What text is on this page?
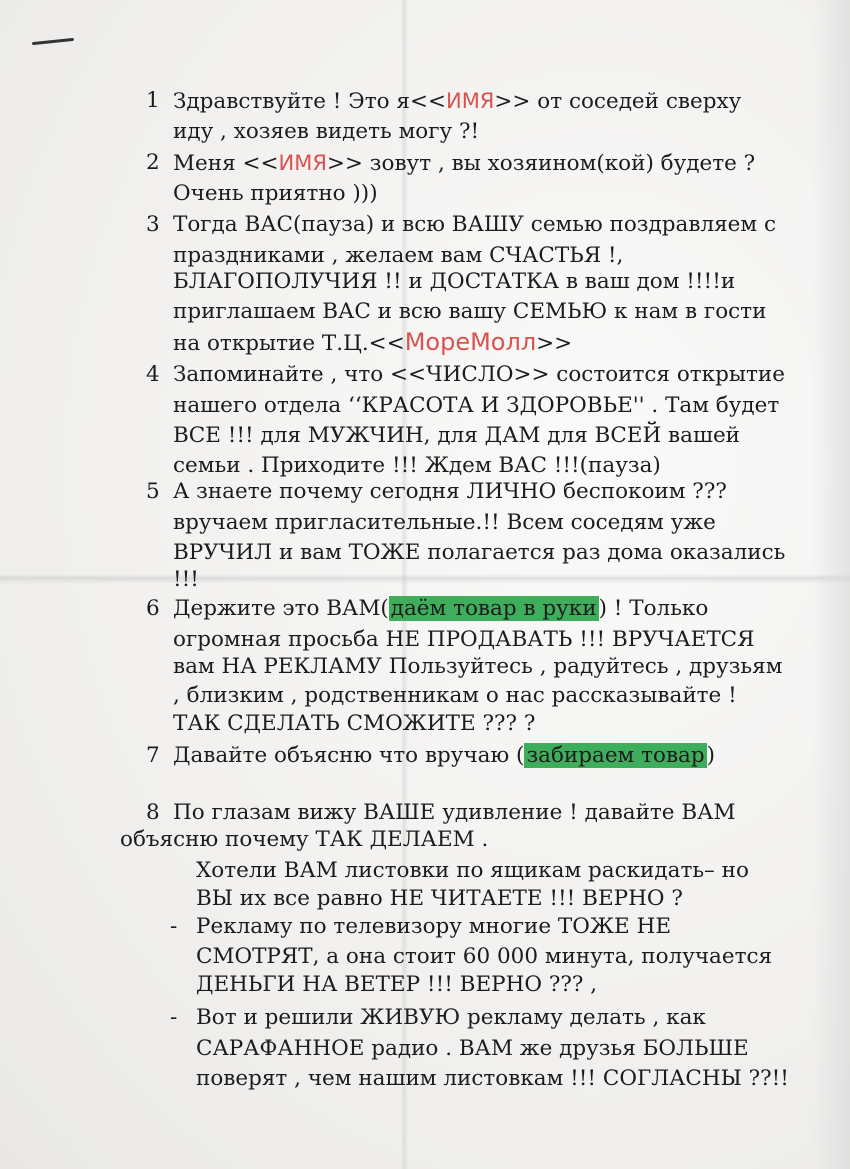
1 Здравствуйте ! Это я<<ИМЯ>> от соседей сверху
иду , хозяев видеть могу ?!
2 Меня <<ИМЯ>> зовут , вы хозяином(кой) будете ?
Очень приятно )))
3 Тогда ВАС(пауза) и всю ВАШУ семью поздравляем с
праздниками , желаем вам СЧАСТЬЯ !,
БЛАГОПОЛУЧИЯ !! и ДОСТАТКА в ваш дом !!!!и
приглашаем ВАС и всю вашу СЕМЬЮ к нам в гости
на открытие Т.Ц.<<МореМолл>>
4 Запоминайте , что <<ЧИСЛО>> состоится открытие
нашего отдела ‘‘КРАСОТА И ЗДОРОВЬЕ'' . Там будет
ВСЕ !!! для МУЖЧИН, для ДАМ для ВСЕЙ вашей
семьи . Приходите !!! Ждем ВАС !!!(пауза)
5 А знаете почему сегодня ЛИЧНО беспокоим ???
вручаем пригласительные.!! Всем соседям уже
ВРУЧИЛ и вам ТОЖЕ полагается раз дома оказались
!!!
6 Держите это ВАМ(даём товар в руки) ! Только
огромная просьба НЕ ПРОДАВАТЬ !!! ВРУЧАЕТСЯ
вам НА РЕКЛАМУ Пользуйтесь , радуйтесь , друзьям
, близким , родственникам о нас рассказывайте !
ТАК СДЕЛАТЬ СМОЖИТЕ ??? ?
7 Давайте объясню что вручаю (забираем товар)
8 По глазам вижу ВАШЕ удивление ! давайте ВАМ
объясню почему ТАК ДЕЛАЕМ .
Хотели ВАМ листовки по ящикам раскидать– но
ВЫ их все равно НЕ ЧИТАЕТЕ !!! ВЕРНО ?
- Рекламу по телевизору многие ТОЖЕ НЕ
СМОТРЯТ, а она стоит 60 000 минута, получается
ДЕНЬГИ НА ВЕТЕР !!! ВЕРНО ??? ,
- Вот и решили ЖИВУЮ рекламу делать , как
САРАФАННОЕ радио . ВАМ же друзья БОЛЬШЕ
поверят , чем нашим листовкам !!! СОГЛАСНЫ ??!!
